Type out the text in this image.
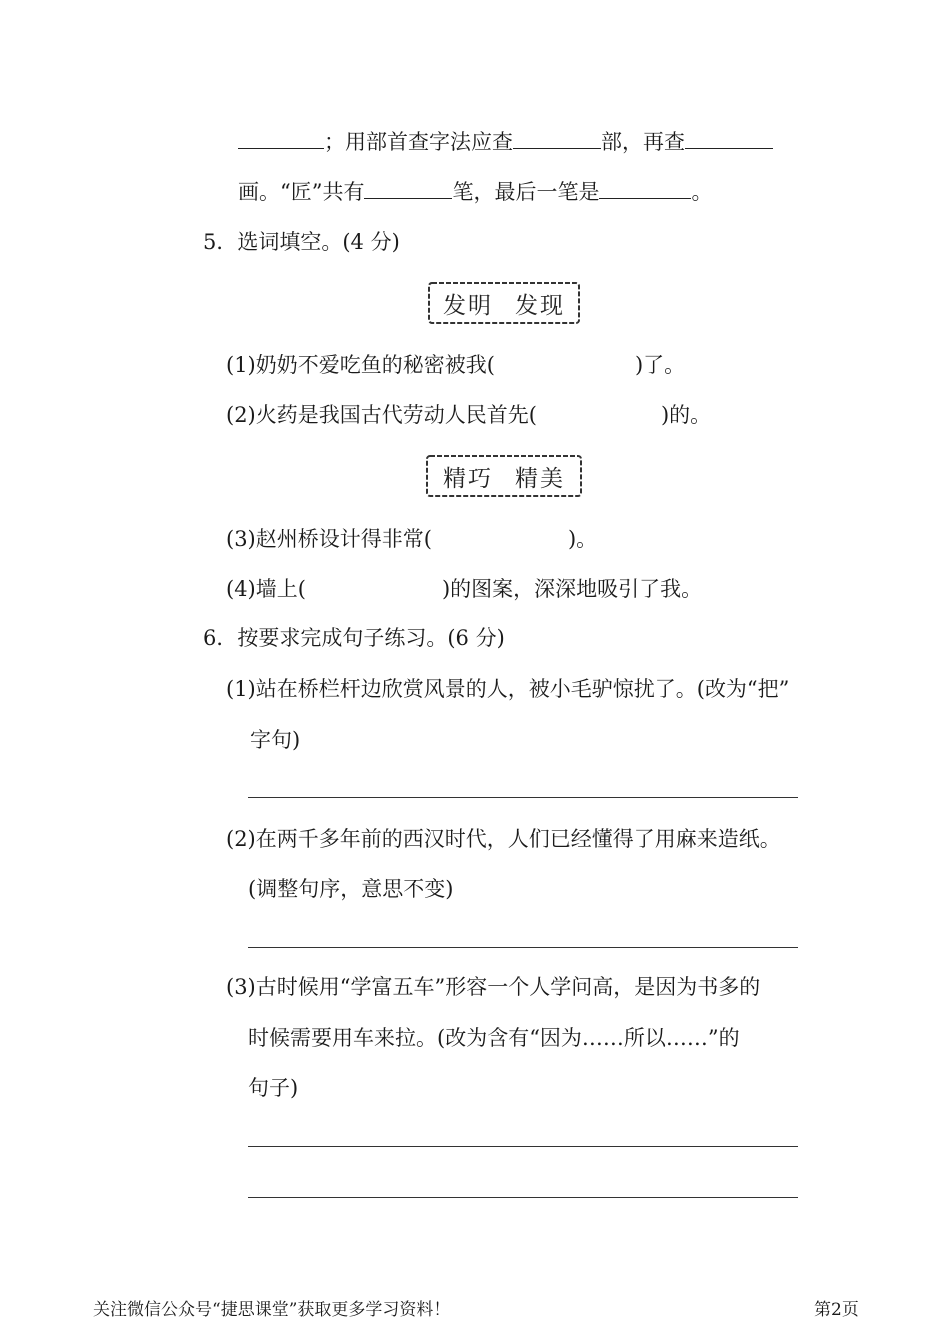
；用部首查字法应查	部，再查
画。“匠”共有	笔，最后一笔是	。
5．选词填空。(4 分)
发明 发现
(1)奶奶不爱吃鱼的秘密被我(	)了。
(2)火药是我国古代劳动人民首先(	)的。
精巧 精美
(3)赵州桥设计得非常(	)。
(4)墙上(	)的图案，深深地吸引了我。
6．按要求完成句子练习。(6 分)
(1)站在桥栏杆边欣赏风景的人，被小毛驴惊扰了。(改为“把”
字句)
(2)在两千多年前的西汉时代，人们已经懂得了用麻来造纸。
(调整句序，意思不变)
(3)古时候用“学富五车”形容一个人学问高，是因为书多的
时候需要用车来拉。(改为含有“因为……所以……”的
句子)
关注微信公众号“捷思课堂”获取更多学习资料！	第2页
